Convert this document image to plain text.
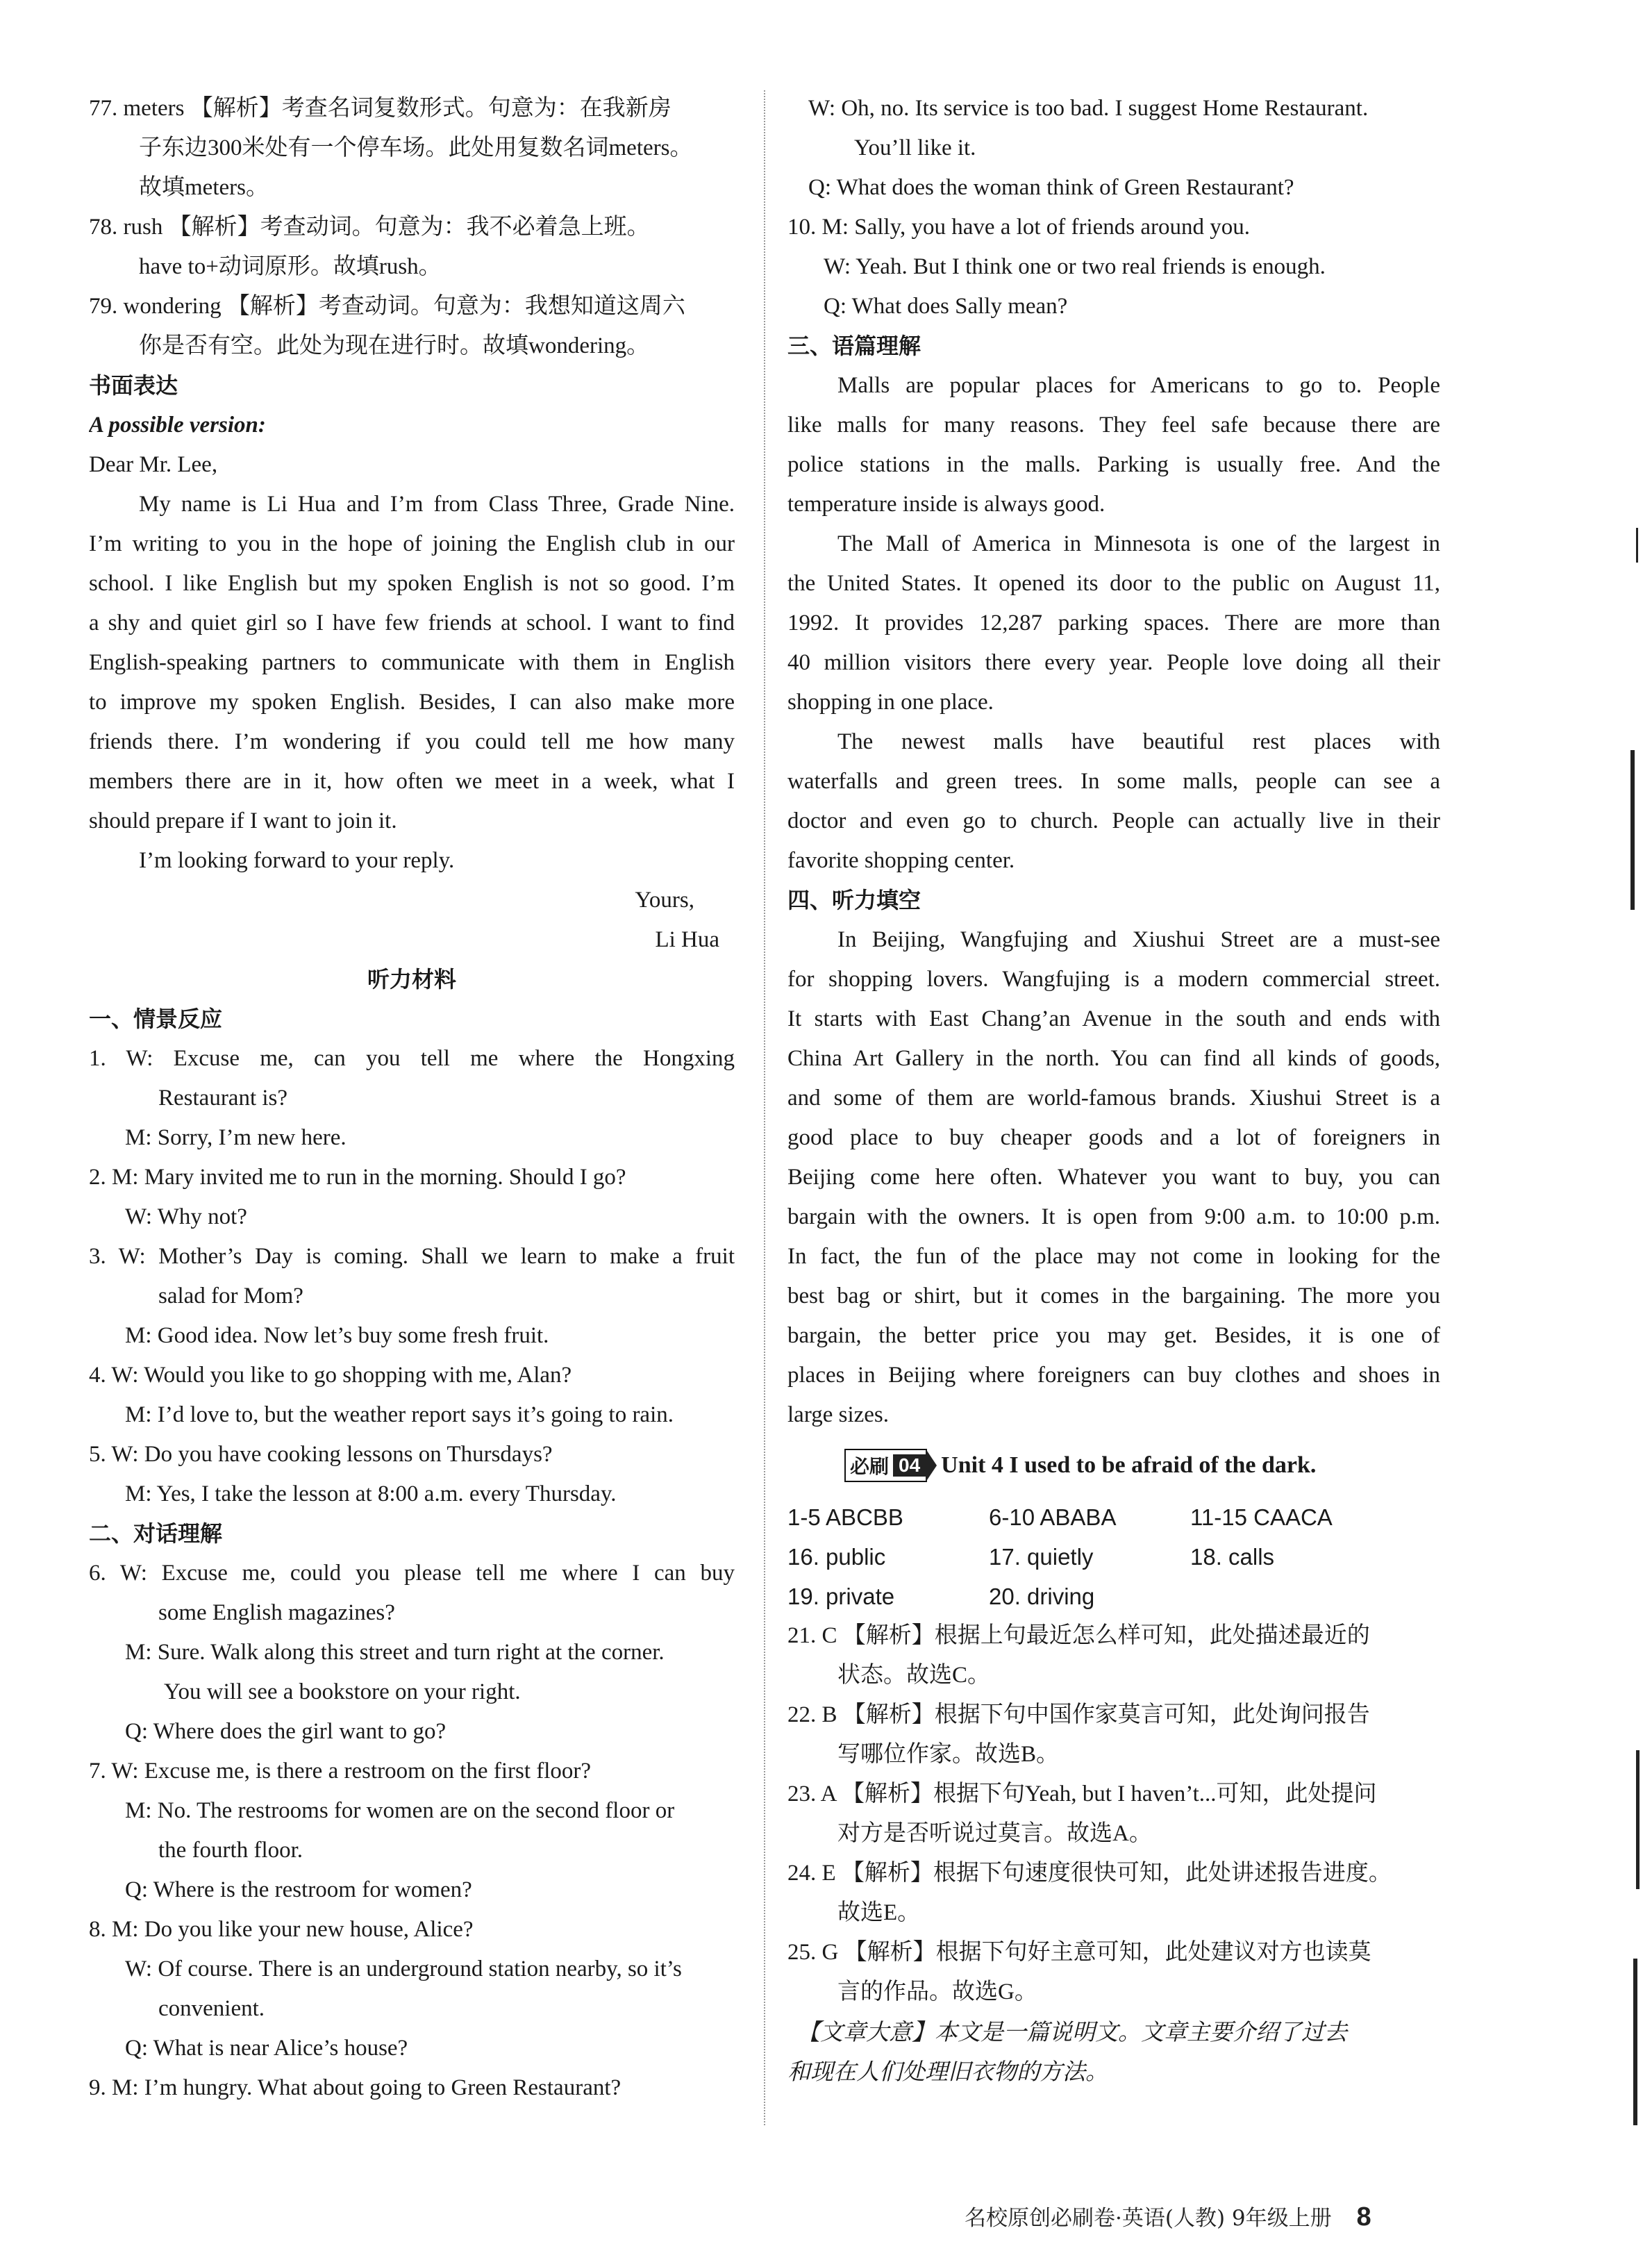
77. meters 【解析】考查名词复数形式。句意为：在我新房
子东边300米处有一个停车场。此处用复数名词meters。
故填meters。
78. rush 【解析】考查动词。句意为：我不必着急上班。
have to+动词原形。故填rush。
79. wondering 【解析】考查动词。句意为：我想知道这周六
你是否有空。此处为现在进行时。故填wondering。
书面表达
A possible version:
Dear Mr. Lee,
My name is Li Hua and I’m from Class Three, Grade Nine.
I’m writing to you in the hope of joining the English club in our
school. I like English but my spoken English is not so good. I’m
a shy and quiet girl so I have few friends at school. I want to find
English-speaking partners to communicate with them in English
to improve my spoken English. Besides, I can also make more
friends there. I’m wondering if you could tell me how many
members there are in it, how often we meet in a week, what I
should prepare if I want to join it.
I’m looking forward to your reply.
Yours,
Li Hua
听力材料
一、情景反应
1. W: Excuse me, can you tell me where the Hongxing
Restaurant is?
M: Sorry, I’m new here.
2. M: Mary invited me to run in the morning. Should I go?
W: Why not?
3. W: Mother’s Day is coming. Shall we learn to make a fruit
salad for Mom?
M: Good idea. Now let’s buy some fresh fruit.
4. W: Would you like to go shopping with me, Alan?
M: I’d love to, but the weather report says it’s going to rain.
5. W: Do you have cooking lessons on Thursdays?
M: Yes, I take the lesson at 8:00 a.m. every Thursday.
二、对话理解
6. W: Excuse me, could you please tell me where I can buy
some English magazines?
M: Sure. Walk along this street and turn right at the corner.
You will see a bookstore on your right.
Q: Where does the girl want to go?
7. W: Excuse me, is there a restroom on the first floor?
M: No. The restrooms for women are on the second floor or
the fourth floor.
Q: Where is the restroom for women?
8. M: Do you like your new house, Alice?
W: Of course. There is an underground station nearby, so it’s
convenient.
Q: What is near Alice’s house?
9. M: I’m hungry. What about going to Green Restaurant?
W: Oh, no. Its service is too bad. I suggest Home Restaurant.
You’ll like it.
Q: What does the woman think of Green Restaurant?
10. M: Sally, you have a lot of friends around you.
W: Yeah. But I think one or two real friends is enough.
Q: What does Sally mean?
三、语篇理解
Malls are popular places for Americans to go to. People
like malls for many reasons. They feel safe because there are
police stations in the malls. Parking is usually free. And the
temperature inside is always good.
The Mall of America in Minnesota is one of the largest in
the United States. It opened its door to the public on August 11,
1992. It provides 12,287 parking spaces. There are more than
40 million visitors there every year. People love doing all their
shopping in one place.
The newest malls have beautiful rest places with
waterfalls and green trees. In some malls, people can see a
doctor and even go to church. People can actually live in their
favorite shopping center.
四、听力填空
In Beijing, Wangfujing and Xiushui Street are a must-see
for shopping lovers. Wangfujing is a modern commercial street.
It starts with East Chang’an Avenue in the south and ends with
China Art Gallery in the north. You can find all kinds of goods,
and some of them are world-famous brands. Xiushui Street is a
good place to buy cheaper goods and a lot of foreigners in
Beijing come here often. Whatever you want to buy, you can
bargain with the owners. It is open from 9:00 a.m. to 10:00 p.m.
In fact, the fun of the place may not come in looking for the
best bag or shirt, but it comes in the bargaining. The more you
bargain, the better price you may get. Besides, it is one of
places in Beijing where foreigners can buy clothes and shoes in
large sizes.
必刷 04 Unit 4 I used to be afraid of the dark.
1-5 ABCBB	6-10 ABABA	11-15 CAACA
16. public	17. quietly	18. calls
19. private	20. driving
21. C 【解析】根据上句最近怎么样可知，此处描述最近的
状态。故选C。
22. B 【解析】根据下句中国作家莫言可知，此处询问报告
写哪位作家。故选B。
23. A 【解析】根据下句Yeah, but I haven’t...可知，此处提问
对方是否听说过莫言。故选A。
24. E 【解析】根据下句速度很快可知，此处讲述报告进度。
故选E。
25. G 【解析】根据下句好主意可知，此处建议对方也读莫
言的作品。故选G。
【文章大意】本文是一篇说明文。文章主要介绍了过去
和现在人们处理旧衣物的方法。
名校原创必刷卷·英语(人教) 9年级上册 8
